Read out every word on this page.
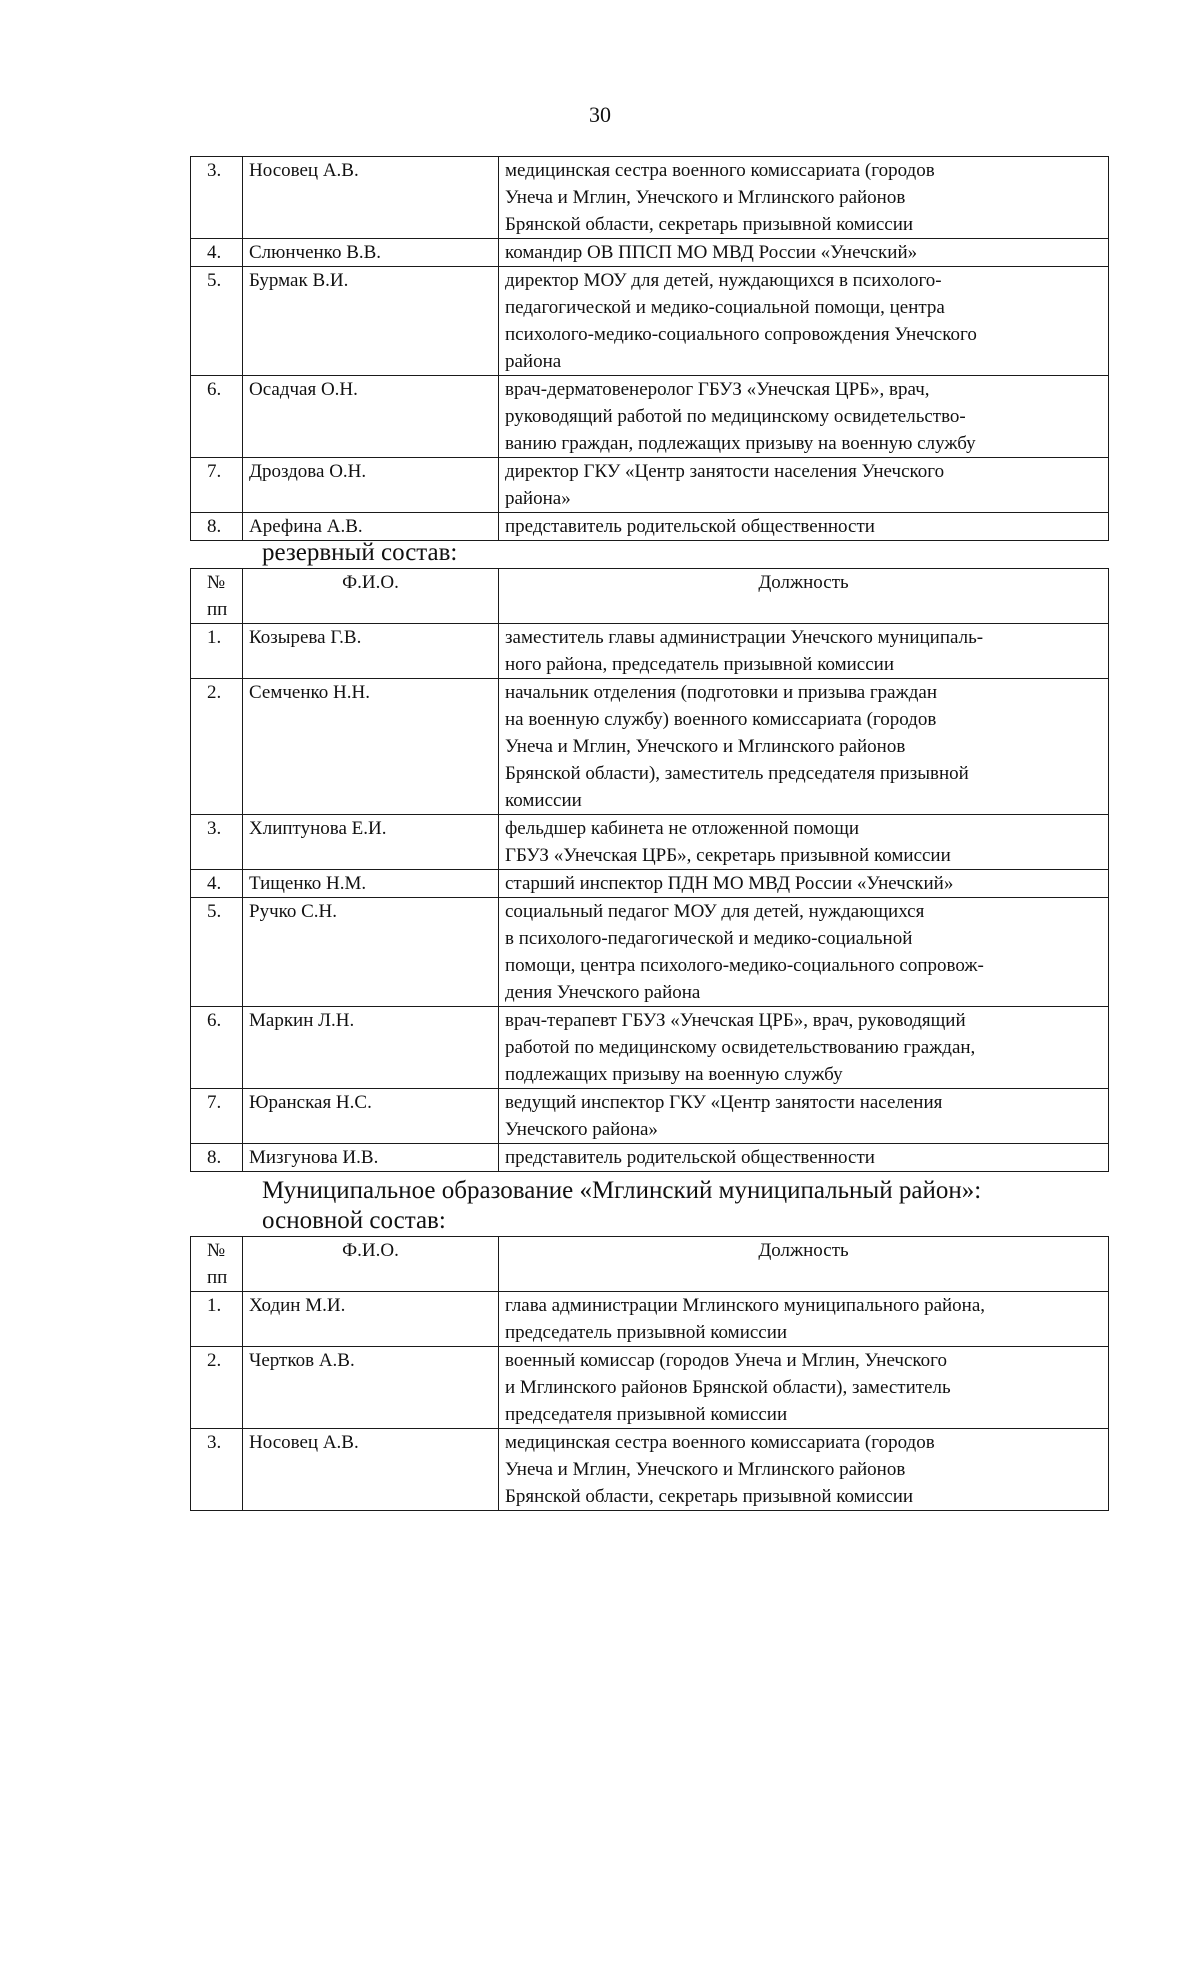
30
3.	Носовец А.В.	медицинская сестра военного комиссариата (городов
Унеча и Мглин, Унечского и Мглинского районов
Брянской области, секретарь призывной комиссии
4.	Слюнченко В.В.	командир ОВ ППСП МО МВД России «Унечский»
5.	Бурмак В.И.	директор МОУ для детей, нуждающихся в психолого-
педагогической и медико-социальной помощи, центра
психолого-медико-социального сопровождения Унечского
района
6.	Осадчая О.Н.	врач-дерматовенеролог ГБУЗ «Унечская ЦРБ», врач,
руководящий работой по медицинскому освидетельство-
ванию граждан, подлежащих призыву на военную службу
7.	Дроздова О.Н.	директор ГКУ «Центр занятости населения Унечского
района»
8.	Арефина А.В.	представитель родительской общественности
резервный состав:
№
пп	Ф.И.О.	Должность
1.	Козырева Г.В.	заместитель главы администрации Унечского муниципаль-
ного района, председатель призывной комиссии
2.	Семченко Н.Н.	начальник отделения (подготовки и призыва граждан
на военную службу) военного комиссариата (городов
Унеча и Мглин, Унечского и Мглинского районов
Брянской области), заместитель председателя призывной
комиссии
3.	Хлиптунова Е.И.	фельдшер кабинета не отложенной помощи
ГБУЗ «Унечская ЦРБ», секретарь призывной комиссии
4.	Тищенко Н.М.	старший инспектор ПДН МО МВД России «Унечский»
5.	Ручко С.Н.	социальный педагог МОУ для детей, нуждающихся
в психолого-педагогической и медико-социальной
помощи, центра психолого-медико-социального сопровож-
дения Унечского района
6.	Маркин Л.Н.	врач-терапевт ГБУЗ «Унечская ЦРБ», врач, руководящий
работой по медицинскому освидетельствованию граждан,
подлежащих призыву на военную службу
7.	Юранская Н.С.	ведущий инспектор ГКУ «Центр занятости населения
Унечского района»
8.	Мизгунова И.В.	представитель родительской общественности
Муниципальное образование «Мглинский муниципальный район»:
основной состав:
№
пп	Ф.И.О.	Должность
1.	Ходин М.И.	глава администрации Мглинского муниципального района,
председатель призывной комиссии
2.	Чертков А.В.	военный комиссар (городов Унеча и Мглин, Унечского
и Мглинского районов Брянской области), заместитель
председателя призывной комиссии
3.	Носовец А.В.	медицинская сестра военного комиссариата (городов
Унеча и Мглин, Унечского и Мглинского районов
Брянской области, секретарь призывной комиссии
